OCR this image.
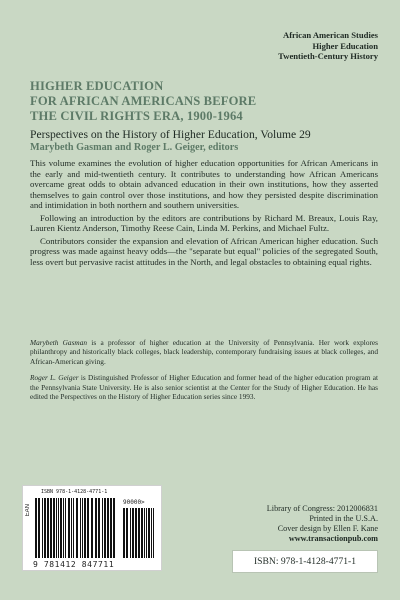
African American Studies
Higher Education
Twentieth-Century History
HIGHER EDUCATION
FOR AFRICAN AMERICANS BEFORE
THE CIVIL RIGHTS ERA, 1900-1964
Perspectives on the History of Higher Education, Volume 29
Marybeth Gasman and Roger L. Geiger, editors

This volume examines the evolution of higher education opportunities for African Americans in the early and mid-twentieth century. It contributes to understanding how African Americans overcame great odds to obtain advanced education in their own institutions, how they asserted themselves to gain control over those institutions, and how they persisted despite discrimination and intimidation in both northern and southern universities.

Following an introduction by the editors are contributions by Richard M. Breaux, Louis Ray, Lauren Kientz Anderson, Timothy Reese Cain, Linda M. Perkins, and Michael Fultz.

Contributors consider the expansion and elevation of African American higher education. Such progress was made against heavy odds—the "separate but equal" policies of the segregated South, less overt but pervasive racist attitudes in the North, and legal obstacles to obtaining equal rights.

Marybeth Gasman is a professor of higher education at the University of Pennsylvania. Her work explores philanthropy and historically black colleges, black leadership, contemporary fundraising issues at black colleges, and African-American giving.

Roger L. Geiger is Distinguished Professor of Higher Education and former head of the higher education program at the Pennsylvania State University. He is also senior scientist at the Center for the Study of Higher Education. He has edited the Perspectives on the History of Higher Education series since 1993.

ISBN 978-1-4128-4771-1
EAN
90000>
9 781412 847711
Library of Congress: 2012006831
Printed in the U.S.A.
Cover design by Ellen F. Kane
www.transactionpub.com
ISBN: 978-1-4128-4771-1
